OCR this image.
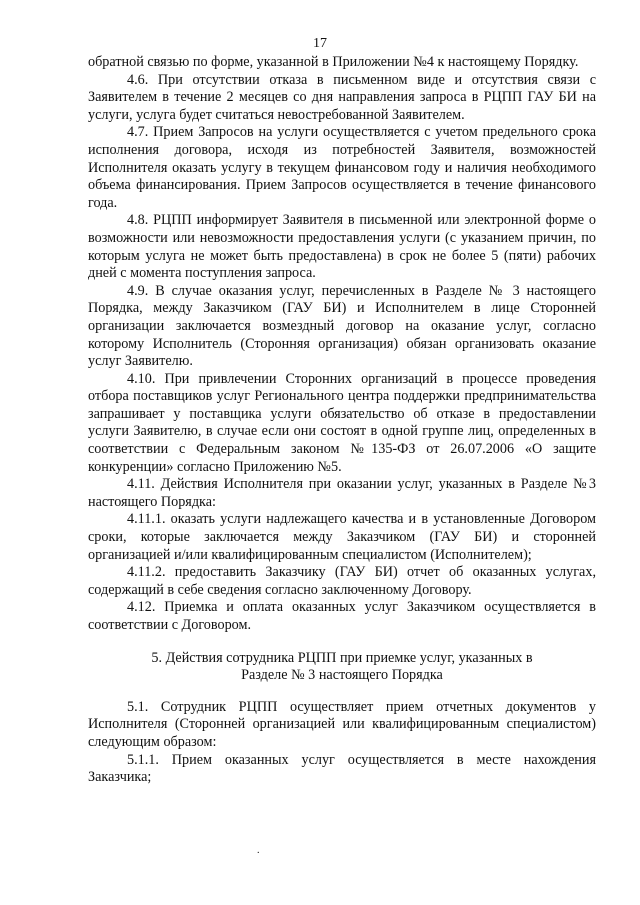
17

обратной связью по форме, указанной в Приложении №4 к настоящему Порядку.

4.6. При отсутствии отказа в письменном виде и отсутствия связи с Заявителем в течение 2 месяцев со дня направления запроса в РЦПП ГАУ БИ на услуги, услуга будет считаться невостребованной Заявителем.

4.7. Прием Запросов на услуги осуществляется с учетом предельного срока исполнения договора, исходя из потребностей Заявителя, возможностей Исполнителя оказать услугу в текущем финансовом году и наличия необходимого объема финансирования. Прием Запросов осуществляется в течение финансового года.

4.8. РЦПП информирует Заявителя в письменной или электронной форме о возможности или невозможности предоставления услуги (с указанием причин, по которым услуга не может быть предоставлена) в срок не более 5 (пяти) рабочих дней с момента поступления запроса.

4.9. В случае оказания услуг, перечисленных в Разделе № 3 настоящего Порядка, между Заказчиком (ГАУ БИ) и Исполнителем в лице Сторонней организации заключается возмездный договор на оказание услуг, согласно которому Исполнитель (Сторонняя организация) обязан организовать оказание услуг Заявителю.

4.10. При привлечении Сторонних организаций в процессе проведения отбора поставщиков услуг Регионального центра поддержки предпринимательства запрашивает у поставщика услуги обязательство об отказе в предоставлении услуги Заявителю, в случае если они состоят в одной группе лиц, определенных в соответствии с Федеральным законом №135-ФЗ от 26.07.2006 «О защите конкуренции» согласно Приложению №5.

4.11. Действия Исполнителя при оказании услуг, указанных в Разделе №3 настоящего Порядка:

4.11.1. оказать услуги надлежащего качества и в установленные Договором сроки, которые заключается между Заказчиком (ГАУ БИ) и сторонней организацией и/или квалифицированным специалистом (Исполнителем);

4.11.2. предоставить Заказчику (ГАУ БИ) отчет об оказанных услугах, содержащий в себе сведения согласно заключенному Договору.

4.12. Приемка и оплата оказанных услуг Заказчиком осуществляется в соответствии с Договором.

5. Действия сотрудника РЦПП при приемке услуг, указанных в
Разделе № 3 настоящего Порядка

5.1. Сотрудник РЦПП осуществляет прием отчетных документов у Исполнителя (Сторонней организацией или квалифицированным специалистом) следующим образом:

5.1.1. Прием оказанных услуг осуществляется в месте нахождения Заказчика;

.
